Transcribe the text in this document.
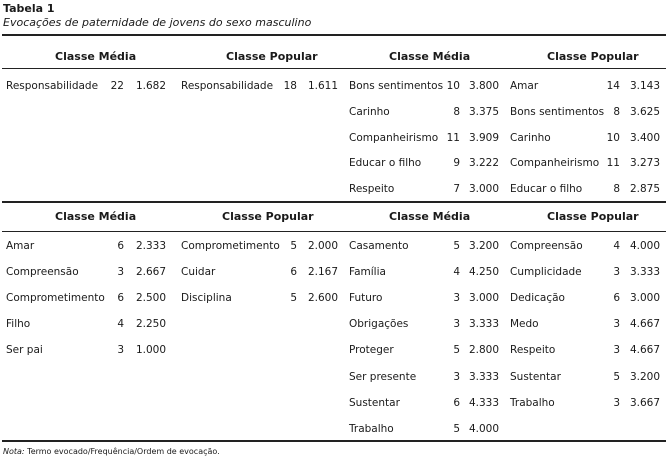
Tabela 1
Evocações de paternidade de jovens do sexo masculino
Classe Média
Responsabilidade	22	1.682
Classe Popular
Responsabilidade	18	1.611
Classe Média
Bons sentimentos 10 3.800
Carinho	8 3.375
Companheirismo 11 3.909
Educar o filho	9 3.222
Respeito	7 3.000
Classe Popular
Amar	14 3.143
Bons sentimentos 8 3.625
Carinho	10 3.400
Companheirismo 11 3.273
Educar o filho	8 2.875
Classe Média
Amar	6	2.333
Compreensão	3	2.667
Comprometimento	6	2.500
Filho	4	2.250
Ser pai	3	1.000
Classe Popular
Comprometimento	5	2.000
Cuidar	6	2.167
Disciplina	5	2.600
Classe Média
Casamento	5 3.200
Família	4 4.250
Futuro	3 3.000
Obrigações	3 3.333
Proteger	5 2.800
Ser presente	3 3.333
Sustentar	6 4.333
Trabalho	5 4.000
Classe Popular
Compreensão	4 4.000
Cumplicidade	3 3.333
Dedicação	6 3.000
Medo	3 4.667
Respeito	3 4.667
Sustentar	5 3.200
Trabalho	3 3.667
Nota: Termo evocado/Frequência/Ordem de evocação.
